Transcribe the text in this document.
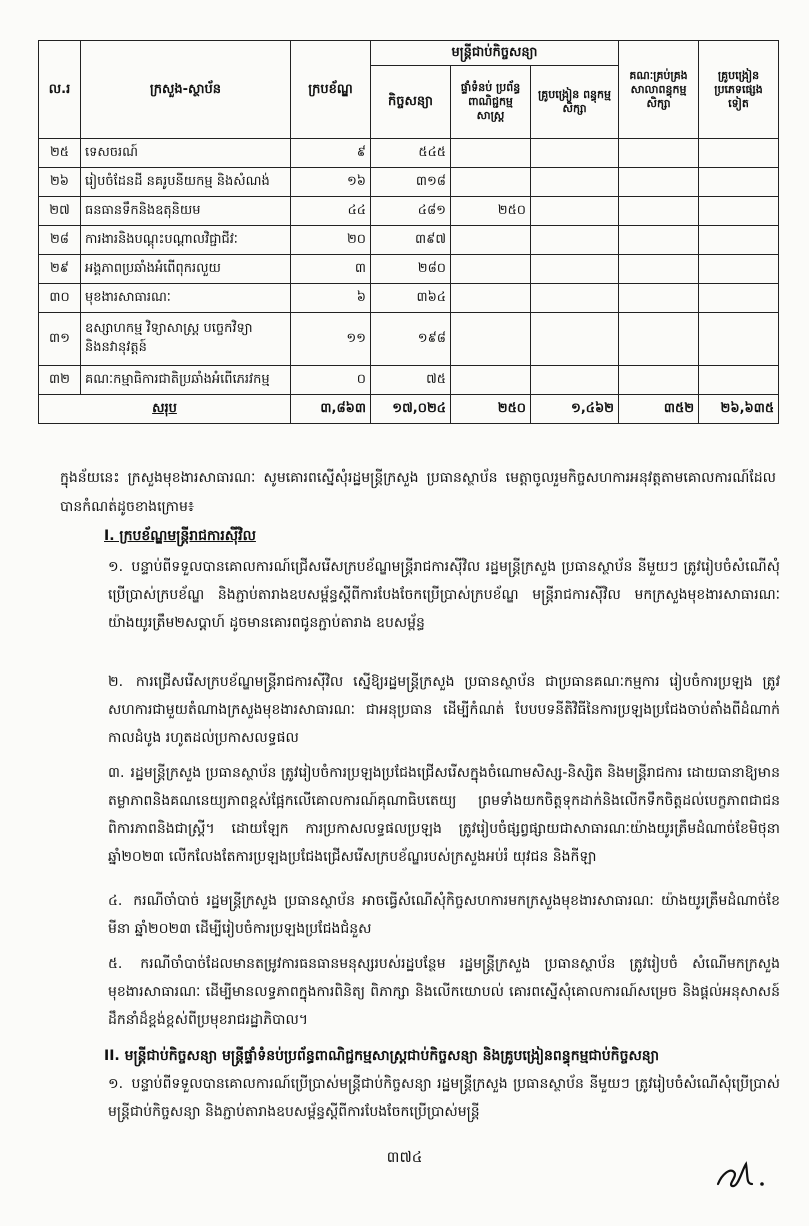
ល.រ	ក្រសួង-ស្ថាប័ន	ក្របខ័ណ្ឌ	មន្ត្រីជាប់កិច្ចសន្យា			គណៈគ្រប់គ្រង សាលាពន្ធុកម្ម សិក្សា	គ្រូបង្រៀន ប្រភេទផ្សេង ទៀត
			កិច្ចសន្យា	ផ្ទាំទំនប់ ប្រព័ន្ធពាណិជ្ជកម្មសាស្ត្រ	គ្រូបង្រៀន ពន្ធុកម្មសិក្សា		
២៥	ទេសចរណ៍	៩	៥៤៥				
២៦	រៀបចំដែនដី នគរូបនីយកម្ម និងសំណង់	១៦	៣១៨				
២៧	ធនធានទឹកនិងឧតុនិយម	៤៤	៤៨១	២៥០			
២៨	ការងារនិងបណ្តុះបណ្តាលវិជ្ជាជីវៈ	២០	៣៩៧				
២៩	អង្គភាពប្រឆាំងអំពើពុករលួយ	៣	២៨០				
៣០	មុខងារសាធារណៈ	៦	៣៦៤				
៣១	ឧស្សាហកម្ម វិទ្យាសាស្ត្រ បច្ចេកវិទ្យា និងនវានុវត្តន៍	១១	១៩៨				
៣២	គណៈកម្មាធិការជាតិប្រឆាំងអំពើភេរវកម្ម	០	៧៥				
សរុប		៣,៨៦៣	១៧,០២៤	២៥០	១,៤៦២	៣៥២	២៦,៦៣៥
ក្នុងន័យនេះ ក្រសួងមុខងារសាធារណៈ សូមគោរពស្នើសុំរដ្ឋមន្ត្រីក្រសួង ប្រធានស្ថាប័ន មេត្តាចូលរួមកិច្ចសហការអនុវត្តតាមគោលការណ៍ដែលបានកំណត់ដូចខាងក្រោម៖
I. ក្របខ័ណ្ឌមន្ត្រីរាជការស៊ីវិល
១. បន្ទាប់ពីទទួលបានគោលការណ៍ជ្រើសរើសក្របខ័ណ្ឌមន្ត្រីរាជការស៊ីវិល រដ្ឋមន្ត្រីក្រសួង ប្រធានស្ថាប័ន នីមួយៗ ត្រូវរៀបចំសំណើសុំប្រើប្រាស់ក្របខ័ណ្ឌ និងភ្ជាប់តារាងឧបសម្ព័ន្ធស្តីពីការបែងចែកប្រើប្រាស់ក្របខ័ណ្ឌ មន្ត្រីរាជការស៊ីវិល មកក្រសួងមុខងារសាធារណៈ យ៉ាងយូរត្រឹម២សប្តាហ៍ ដូចមានគោរពជូនភ្ជាប់តារាង ឧបសម្ព័ន្ធ
២. ការជ្រើសរើសក្របខ័ណ្ឌមន្ត្រីរាជការស៊ីវិល ស្នើឱ្យរដ្ឋមន្ត្រីក្រសួង ប្រធានស្ថាប័ន ជាប្រធានគណៈកម្មការ រៀបចំការប្រឡង ត្រូវសហការជាមួយតំណាងក្រសួងមុខងារសាធារណៈ ជាអនុប្រធាន ដើម្បីកំណត់ បែបបទនីតិវិធីនៃការប្រឡងប្រជែងចាប់តាំងពីដំណាក់កាលដំបូង រហូតដល់ប្រកាសលទ្ធផល
៣. រដ្ឋមន្ត្រីក្រសួង ប្រធានស្ថាប័ន ត្រូវរៀបចំការប្រឡងប្រជែងជ្រើសរើសក្នុងចំណោមសិស្ស-និស្សិត និងមន្ត្រីរាជការ ដោយធានាឱ្យមានតម្លាភាពនិងគណនេយ្យភាពខ្ពស់ផ្អែកលើគោលការណ៍គុណាធិបតេយ្យ ព្រមទាំងយកចិត្តទុកដាក់និងលើកទឹកចិត្តដល់បេក្ខភាពជាជនពិការភាពនិងជាស្ត្រី។ ដោយឡែក ការប្រកាសលទ្ធផលប្រឡង ត្រូវរៀបចំផ្សព្វផ្សាយជាសាធារណៈយ៉ាងយូរត្រឹមដំណាច់ខែមិថុនា ឆ្នាំ២០២៣ លើកលែងតែការប្រឡងប្រជែងជ្រើសរើសក្របខ័ណ្ឌរបស់ក្រសួងអប់រំ យុវជន និងកីឡា
៤. ករណីចាំបាច់ រដ្ឋមន្ត្រីក្រសួង ប្រធានស្ថាប័ន អាចធ្វើសំណើសុំកិច្ចសហការមកក្រសួងមុខងារសាធារណៈ យ៉ាងយូរត្រឹមដំណាច់ខែមីនា ឆ្នាំ២០២៣ ដើម្បីរៀបចំការប្រឡងប្រជែងជំនួស
៥. ករណីចាំបាច់ដែលមានតម្រូវការធនធានមនុស្សរបស់រដ្ឋបន្ថែម រដ្ឋមន្ត្រីក្រសួង ប្រធានស្ថាប័ន ត្រូវរៀបចំ សំណើមកក្រសួងមុខងារសាធារណៈ ដើម្បីមានលទ្ធភាពក្នុងការពិនិត្យ ពិភាក្សា និងលើកយោបល់ គោរពស្នើសុំគោលការណ៍សម្រេច និងផ្តល់អនុសាសន៍ដឹកនាំដ៏ខ្ពង់ខ្ពស់ពីប្រមុខរាជរដ្ឋាភិបាល។
II. មន្ត្រីជាប់កិច្ចសន្យា មន្ត្រីផ្ទាំទំនប់ប្រព័ន្ធពាណិជ្ជកម្មសាស្ត្រជាប់កិច្ចសន្យា និងគ្រូបង្រៀនពន្ធុកម្មជាប់កិច្ចសន្យា
១. បន្ទាប់ពីទទួលបានគោលការណ៍ប្រើប្រាស់មន្ត្រីជាប់កិច្ចសន្យា រដ្ឋមន្ត្រីក្រសួង ប្រធានស្ថាប័ន នីមួយៗ ត្រូវរៀបចំសំណើសុំប្រើប្រាស់មន្ត្រីជាប់កិច្ចសន្យា និងភ្ជាប់តារាងឧបសម្ព័ន្ធស្តីពីការបែងចែកប្រើប្រាស់មន្ត្រី
៣៧៤
